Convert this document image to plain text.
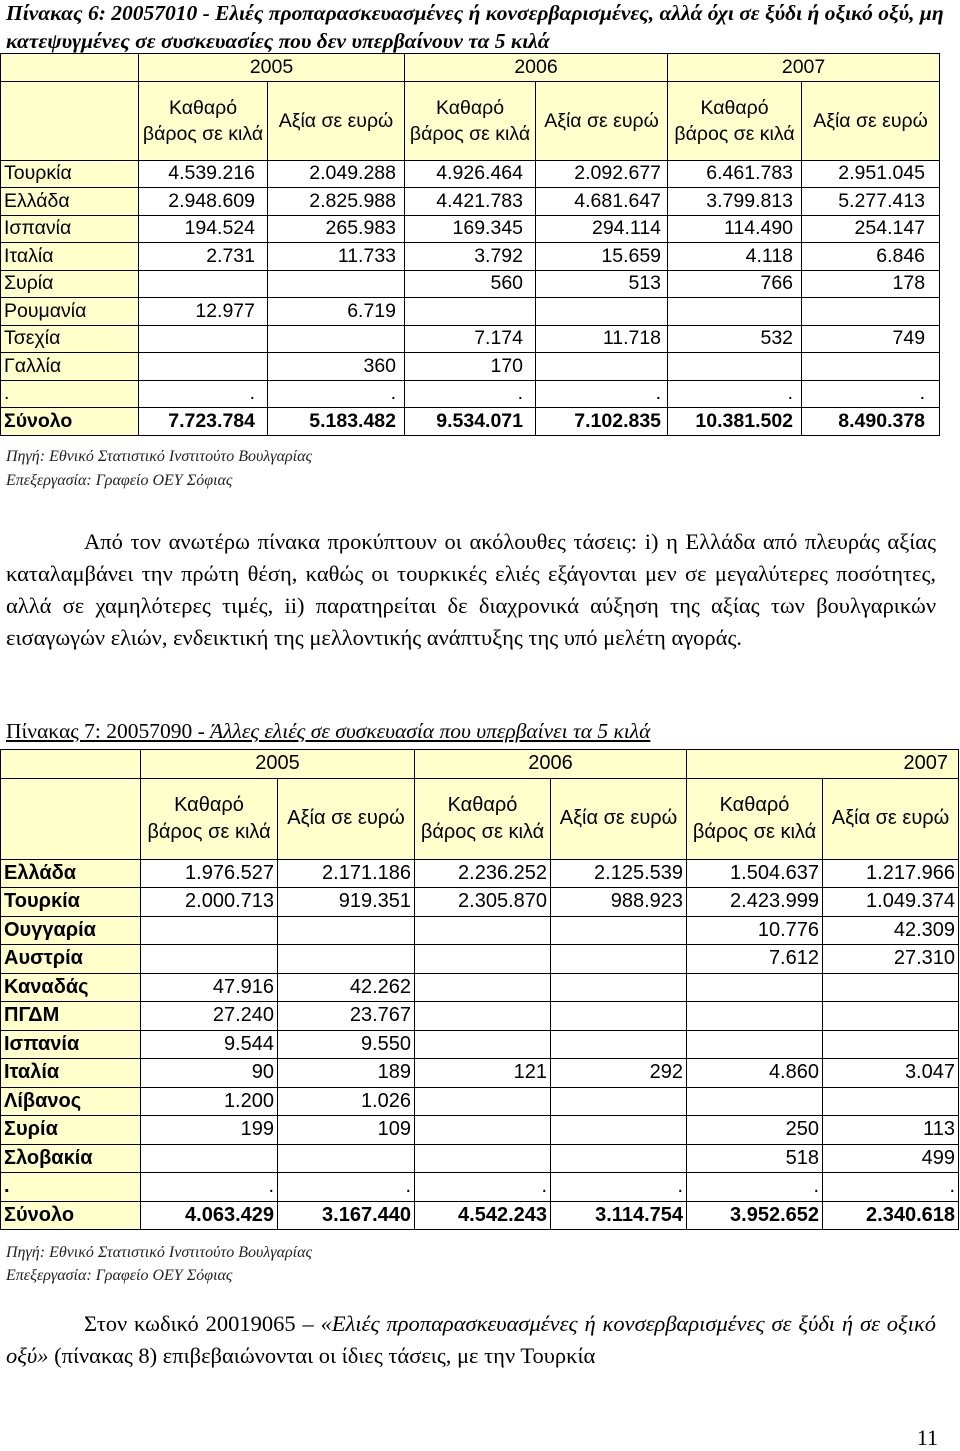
Πίνακας 6: 20057010 - Ελιές προπαρασκευασμένες ή κονσερβαρισμένες, αλλά όχι σε ξύδι ή οξικό οξύ, μη κατεψυγμένες σε συσκευασίες που δεν υπερβαίνουν τα 5 κιλά
	2005		2006		2007	
	Καθαρό βάρος σε κιλά	Αξία σε ευρώ	Καθαρό βάρος σε κιλά	Αξία σε ευρώ	Καθαρό βάρος σε κιλά	Αξία σε ευρώ
Τουρκία	4.539.216	2.049.288	4.926.464	2.092.677	6.461.783	2.951.045
Ελλάδα	2.948.609	2.825.988	4.421.783	4.681.647	3.799.813	5.277.413
Ισπανία	194.524	265.983	169.345	294.114	114.490	254.147
Ιταλία	2.731	11.733	3.792	15.659	4.118	6.846
Συρία			560	513	766	178
Ρουμανία	12.977	6.719				
Τσεχία			7.174	11.718	532	749
Γαλλία		360	170			
.	.	.	.	.	.	.
Σύνολο	7.723.784	5.183.482	9.534.071	7.102.835	10.381.502	8.490.378
Πηγή: Εθνικό Στατιστικό Ινστιτούτο Βουλγαρίας
Επεξεργασία: Γραφείο ΟΕΥ Σόφιας
Από τον ανωτέρω πίνακα προκύπτουν οι ακόλουθες τάσεις: i) η Ελλάδα από πλευράς αξίας καταλαμβάνει την πρώτη θέση, καθώς οι τουρκικές ελιές εξάγονται μεν σε μεγαλύτερες ποσότητες, αλλά σε χαμηλότερες τιμές, ii) παρατηρείται δε διαχρονικά αύξηση της αξίας των βουλγαρικών εισαγωγών ελιών, ενδεικτική της μελλοντικής ανάπτυξης της υπό μελέτη αγοράς.
Πίνακας 7: 20057090 - Άλλες ελιές σε συσκευασία που υπερβαίνει τα 5 κιλά
	2005		2006		2007	
	Καθαρό βάρος σε κιλά	Αξία σε ευρώ	Καθαρό βάρος σε κιλά	Αξία σε ευρώ	Καθαρό βάρος σε κιλά	Αξία σε ευρώ
Ελλάδα	1.976.527	2.171.186	2.236.252	2.125.539	1.504.637	1.217.966
Τουρκία	2.000.713	919.351	2.305.870	988.923	2.423.999	1.049.374
Ουγγαρία					10.776	42.309
Αυστρία					7.612	27.310
Καναδάς	47.916	42.262				
ΠΓΔΜ	27.240	23.767				
Ισπανία	9.544	9.550				
Ιταλία	90	189	121	292	4.860	3.047
Λίβανος	1.200	1.026				
Συρία	199	109			250	113
Σλοβακία					518	499
.	.	.	.	.	.	.
Σύνολο	4.063.429	3.167.440	4.542.243	3.114.754	3.952.652	2.340.618
Πηγή: Εθνικό Στατιστικό Ινστιτούτο Βουλγαρίας
Επεξεργασία: Γραφείο ΟΕΥ Σόφιας
Στον κωδικό 20019065 – «Ελιές προπαρασκευασμένες ή κονσερβαρισμένες σε ξύδι ή σε οξικό οξύ» (πίνακας 8) επιβεβαιώνονται οι ίδιες τάσεις, με την Τουρκία
11
